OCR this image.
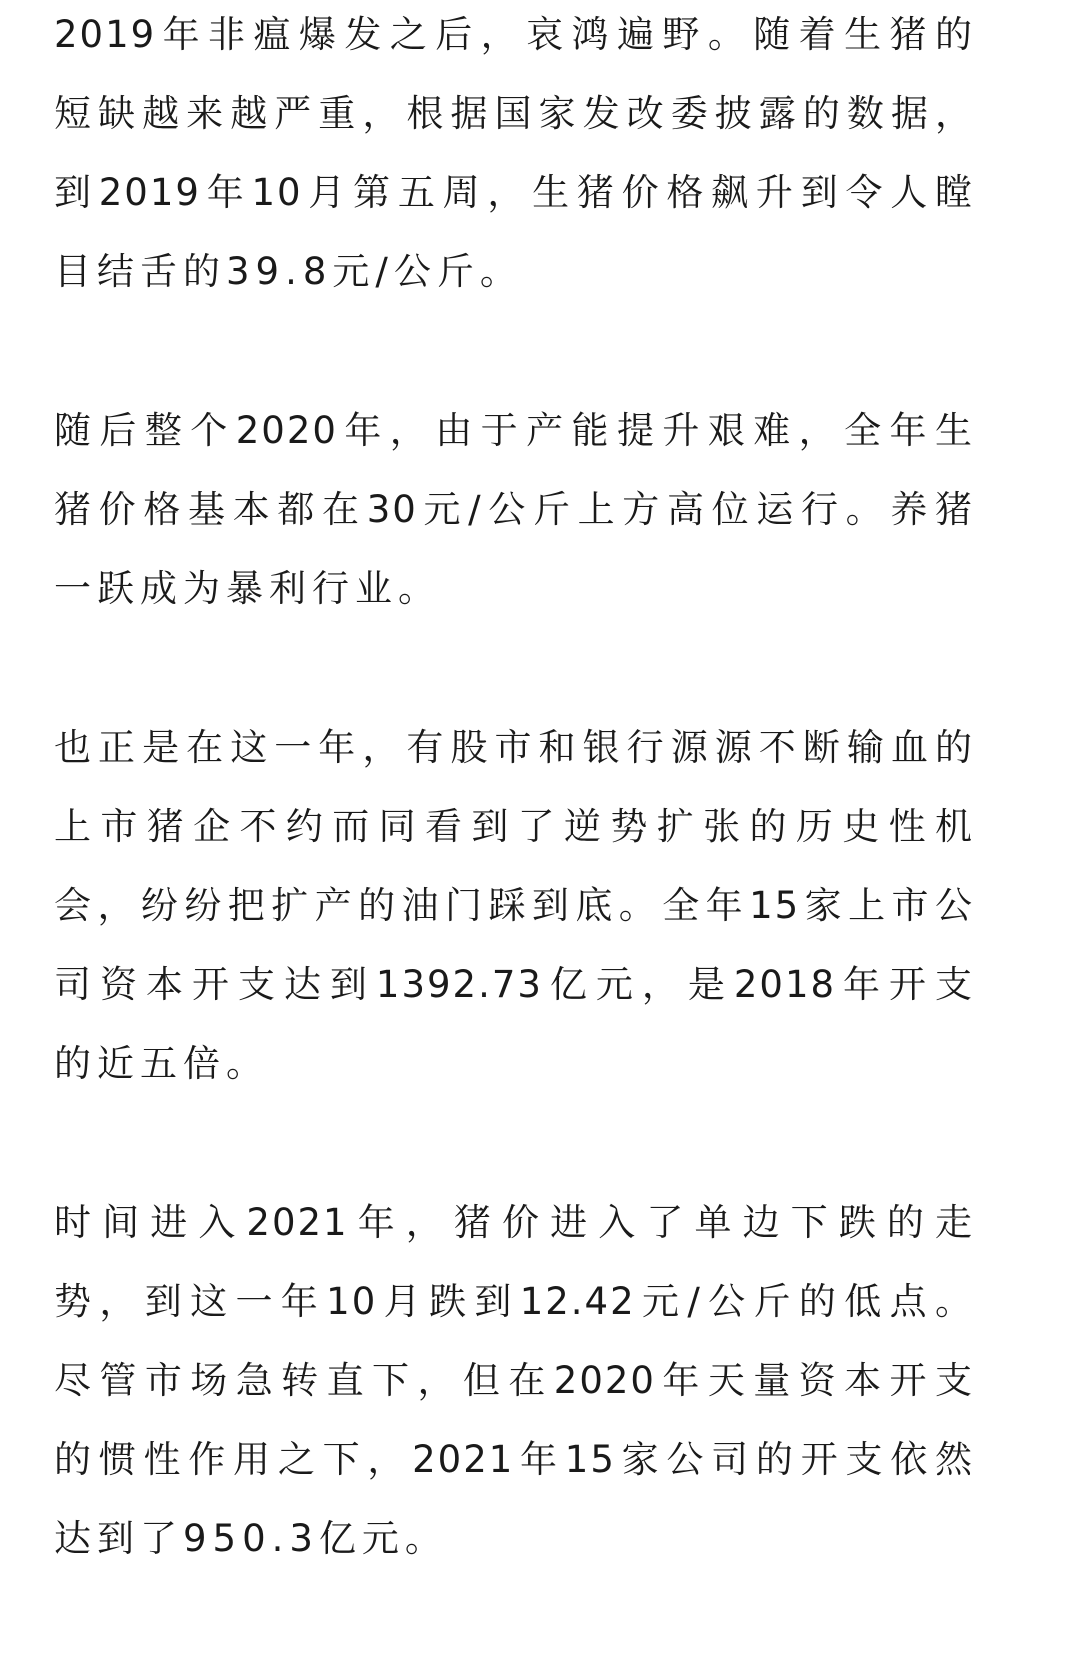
2019年非瘟爆发之后，哀鸿遍野。随着生猪的
短缺越来越严重，根据国家发改委披露的数据，
到2019年10月第五周，生猪价格飙升到令人瞠
目结舌的39.8元/公斤。

随后整个2020年，由于产能提升艰难，全年生
猪价格基本都在30元/公斤上方高位运行。养猪
一跃成为暴利行业。

也正是在这一年，有股市和银行源源不断输血的
上市猪企不约而同看到了逆势扩张的历史性机
会，纷纷把扩产的油门踩到底。全年15家上市公
司资本开支达到1392.73亿元，是2018年开支
的近五倍。

时间进入2021年，猪价进入了单边下跌的走
势，到这一年10月跌到12.42元/公斤的低点。
尽管市场急转直下，但在2020年天量资本开支
的惯性作用之下，2021年15家公司的开支依然
达到了950.3亿元。
